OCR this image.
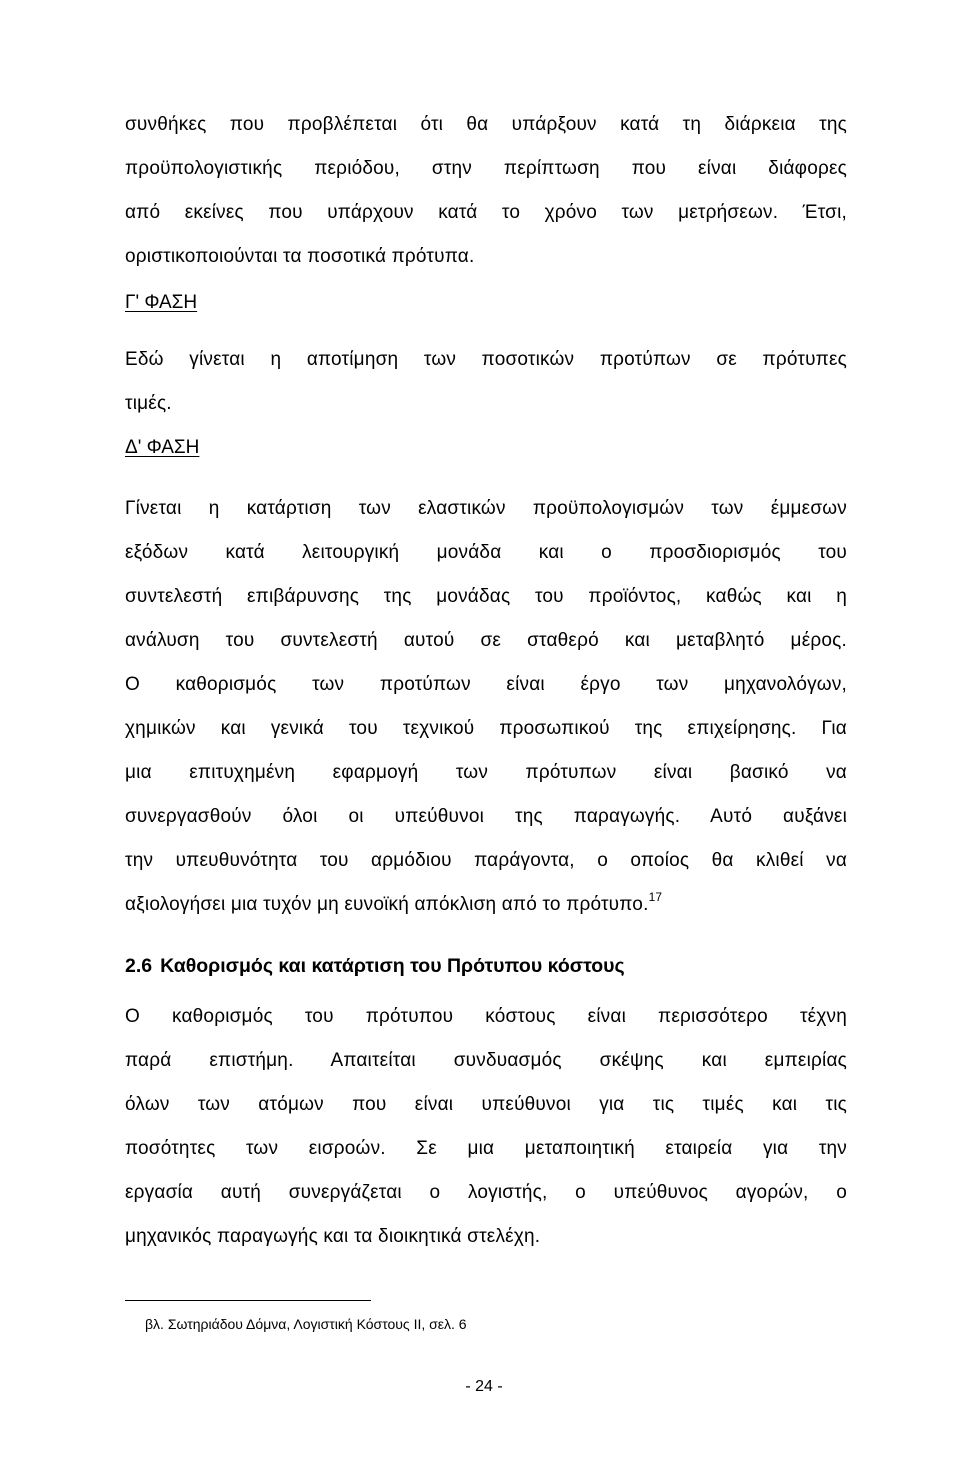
συνθήκες που προβλέπεται ότι θα υπάρξουν κατά τη διάρκεια της
προϋπολογιστικής περιόδου, στην περίπτωση που είναι διάφορες
από εκείνες που υπάρχουν κατά το χρόνο των μετρήσεων. Έτσι,
οριστικοποιούνται τα ποσοτικά πρότυπα.
Γ' ΦΑΣΗ
Εδώ γίνεται η αποτίμηση των ποσοτικών προτύπων σε πρότυπες
τιμές.
Δ' ΦΑΣΗ
Γίνεται η κατάρτιση των ελαστικών προϋπολογισμών των έμμεσων
εξόδων κατά λειτουργική μονάδα και ο προσδιορισμός του
συντελεστή επιβάρυνσης της μονάδας του προϊόντος, καθώς και η
ανάλυση του συντελεστή αυτού σε σταθερό και μεταβλητό μέρος.
Ο καθορισμός των προτύπων είναι έργο των μηχανολόγων,
χημικών και γενικά του τεχνικού προσωπικού της επιχείρησης. Για
μια επιτυχημένη εφαρμογή των πρότυπων είναι βασικό να
συνεργασθούν όλοι οι υπεύθυνοι της παραγωγής. Αυτό αυξάνει
την υπευθυνότητα του αρμόδιου παράγοντα, ο οποίος θα κλιθεί να
αξιολογήσει μια τυχόν μη ευνοϊκή απόκλιση από το πρότυπο.$^{17}$
2.6 Καθορισμός και κατάρτιση του Πρότυπου κόστους
Ο καθορισμός του πρότυπου κόστους είναι περισσότερο τέχνη
παρά επιστήμη. Απαιτείται συνδυασμός σκέψης και εμπειρίας
όλων των ατόμων που είναι υπεύθυνοι για τις τιμές και τις
ποσότητες των εισροών. Σε μια μεταποιητική εταιρεία για την
εργασία αυτή συνεργάζεται ο λογιστής, ο υπεύθυνος αγορών, ο
μηχανικός παραγωγής και τα διοικητικά στελέχη.
βλ. Σωτηριάδου Δόμνα, Λογιστική Κόστους ΙΙ, σελ. 6
- 24 -
